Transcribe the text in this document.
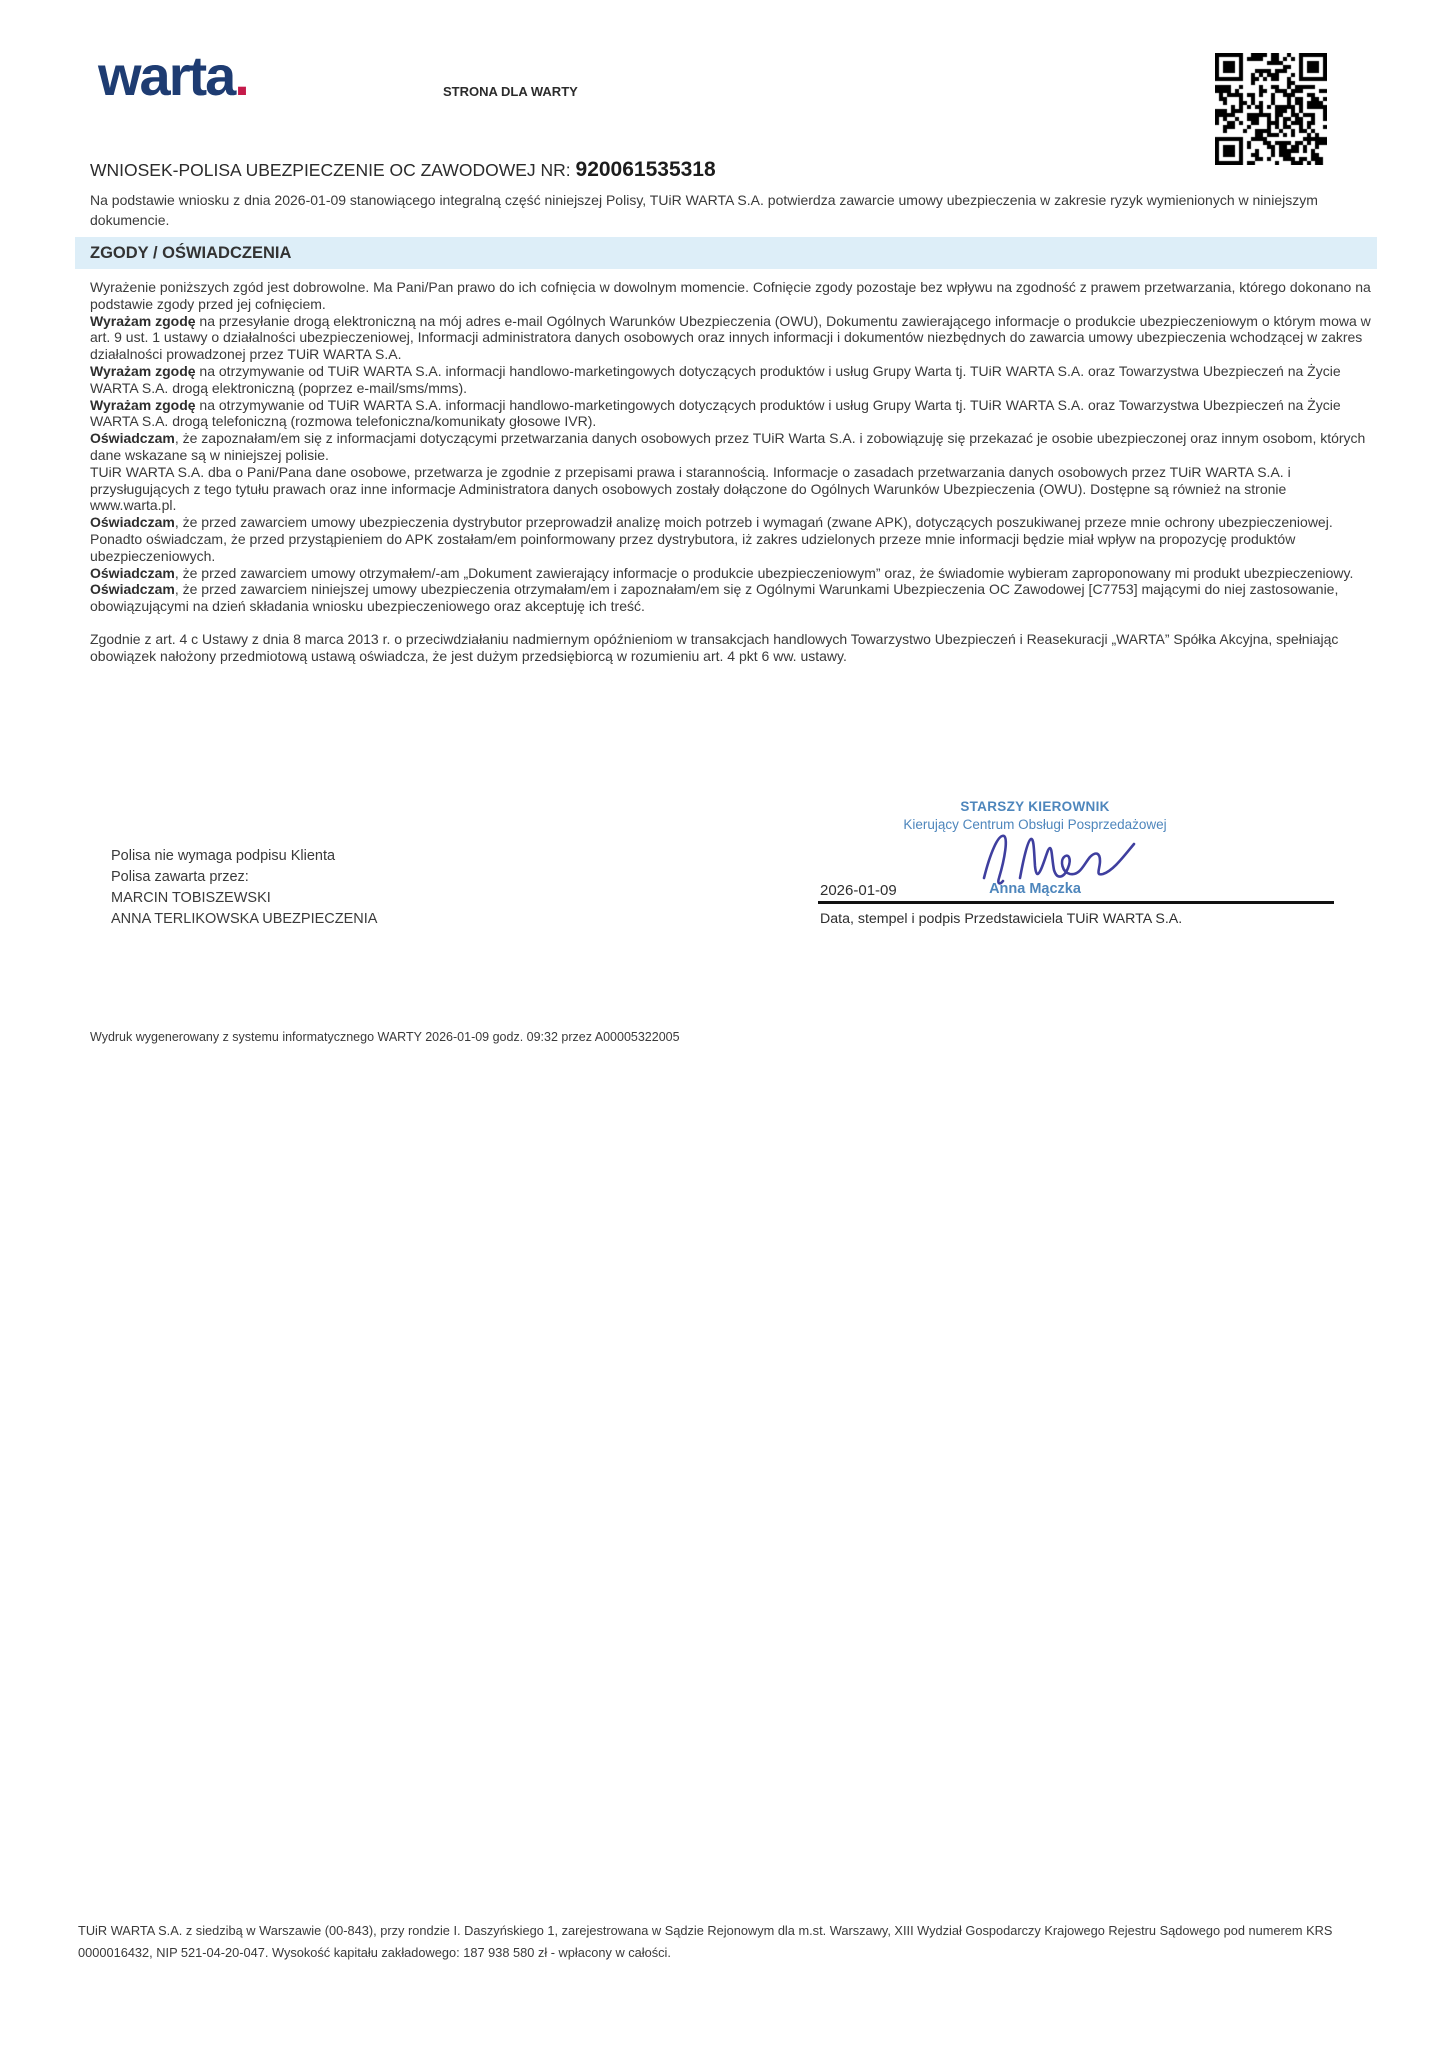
warta.	STRONA DLA WARTY
WNIOSEK-POLISA UBEZPIECZENIE OC ZAWODOWEJ NR: 920061535318
Na podstawie wniosku z dnia 2026-01-09 stanowiącego integralną część niniejszej Polisy, TUiR WARTA S.A. potwierdza zawarcie umowy ubezpieczenia w zakresie ryzyk wymienionych w niniejszym dokumencie.
ZGODY / OŚWIADCZENIA

Wyrażenie poniższych zgód jest dobrowolne. Ma Pani/Pan prawo do ich cofnięcia w dowolnym momencie. Cofnięcie zgody pozostaje bez wpływu na zgodność z prawem przetwarzania, którego dokonano na podstawie zgody przed jej cofnięciem.

Wyrażam zgodę na przesyłanie drogą elektroniczną na mój adres e-mail Ogólnych Warunków Ubezpieczenia (OWU), Dokumentu zawierającego informacje o produkcie ubezpieczeniowym o którym mowa w art. 9 ust. 1 ustawy o działalności ubezpieczeniowej, Informacji administratora danych osobowych oraz innych informacji i dokumentów niezbędnych do zawarcia umowy ubezpieczenia wchodzącej w zakres działalności prowadzonej przez TUiR WARTA S.A.

Wyrażam zgodę na otrzymywanie od TUiR WARTA S.A. informacji handlowo-marketingowych dotyczących produktów i usług Grupy Warta tj. TUiR WARTA S.A. oraz Towarzystwa Ubezpieczeń na Życie WARTA S.A. drogą elektroniczną (poprzez e-mail/sms/mms).

Wyrażam zgodę na otrzymywanie od TUiR WARTA S.A. informacji handlowo-marketingowych dotyczących produktów i usług Grupy Warta tj. TUiR WARTA S.A. oraz Towarzystwa Ubezpieczeń na Życie WARTA S.A. drogą telefoniczną (rozmowa telefoniczna/komunikaty głosowe IVR).

Oświadczam, że zapoznałam/em się z informacjami dotyczącymi przetwarzania danych osobowych przez TUiR Warta S.A. i zobowiązuję się przekazać je osobie ubezpieczonej oraz innym osobom, których dane wskazane są w niniejszej polisie.

TUiR WARTA S.A. dba o Pani/Pana dane osobowe, przetwarza je zgodnie z przepisami prawa i starannością. Informacje o zasadach przetwarzania danych osobowych przez TUiR WARTA S.A. i przysługujących z tego tytułu prawach oraz inne informacje Administratora danych osobowych zostały dołączone do Ogólnych Warunków Ubezpieczenia (OWU). Dostępne są również na stronie www.warta.pl.

Oświadczam, że przed zawarciem umowy ubezpieczenia dystrybutor przeprowadził analizę moich potrzeb i wymagań (zwane APK), dotyczących poszukiwanej przeze mnie ochrony ubezpieczeniowej.

Ponadto oświadczam, że przed przystąpieniem do APK zostałam/em poinformowany przez dystrybutora, iż zakres udzielonych przeze mnie informacji będzie miał wpływ na propozycję produktów ubezpieczeniowych.

Oświadczam, że przed zawarciem umowy otrzymałem/-am „Dokument zawierający informacje o produkcie ubezpieczeniowym” oraz, że świadomie wybieram zaproponowany mi produkt ubezpieczeniowy.

Oświadczam, że przed zawarciem niniejszej umowy ubezpieczenia otrzymałam/em i zapoznałam/em się z Ogólnymi Warunkami Ubezpieczenia OC Zawodowej [C7753] mającymi do niej zastosowanie, obowiązującymi na dzień składania wniosku ubezpieczeniowego oraz akceptuję ich treść.

Zgodnie z art. 4 c Ustawy z dnia 8 marca 2013 r. o przeciwdziałaniu nadmiernym opóźnieniom w transakcjach handlowych Towarzystwo Ubezpieczeń i Reasekuracji „WARTA” Spółka Akcyjna, spełniając obowiązek nałożony przedmiotową ustawą oświadcza, że jest dużym przedsiębiorcą w rozumieniu art. 4 pkt 6 ww. ustawy.

Polisa nie wymaga podpisu Klienta
Polisa zawarta przez:
MARCIN TOBISZEWSKI
ANNA TERLIKOWSKA UBEZPIECZENIA
STARSZY KIEROWNIK
Kierujący Centrum Obsługi Posprzedażowej
Anna Mączka
2026-01-09
Data, stempel i podpis Przedstawiciela TUiR WARTA S.A.
Wydruk wygenerowany z systemu informatycznego WARTY 2026-01-09 godz. 09:32 przez A00005322005
TUiR WARTA S.A. z siedzibą w Warszawie (00-843), przy rondzie I. Daszyńskiego 1, zarejestrowana w Sądzie Rejonowym dla m.st. Warszawy, XIII Wydział Gospodarczy Krajowego Rejestru Sądowego pod numerem KRS 0000016432, NIP 521-04-20-047. Wysokość kapitału zakładowego: 187 938 580 zł - wpłacony w całości.
